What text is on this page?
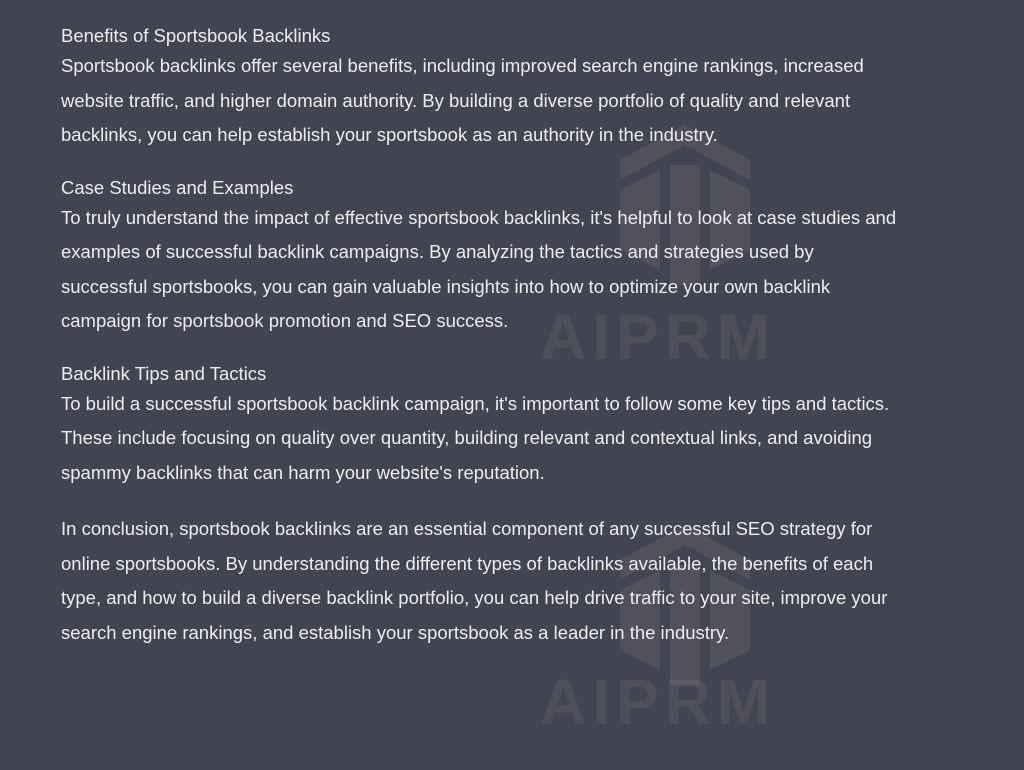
AIPRM
AIPRM
Benefits of Sportsbook Backlinks
Sportsbook backlinks offer several benefits, including improved search engine rankings, increased website traffic, and higher domain authority. By building a diverse portfolio of quality and relevant backlinks, you can help establish your sportsbook as an authority in the industry.
Case Studies and Examples
To truly understand the impact of effective sportsbook backlinks, it's helpful to look at case studies and examples of successful backlink campaigns. By analyzing the tactics and strategies used by successful sportsbooks, you can gain valuable insights into how to optimize your own backlink campaign for sportsbook promotion and SEO success.
Backlink Tips and Tactics
To build a successful sportsbook backlink campaign, it's important to follow some key tips and tactics. These include focusing on quality over quantity, building relevant and contextual links, and avoiding spammy backlinks that can harm your website's reputation.
In conclusion, sportsbook backlinks are an essential component of any successful SEO strategy for online sportsbooks. By understanding the different types of backlinks available, the benefits of each type, and how to build a diverse backlink portfolio, you can help drive traffic to your site, improve your search engine rankings, and establish your sportsbook as a leader in the industry.
